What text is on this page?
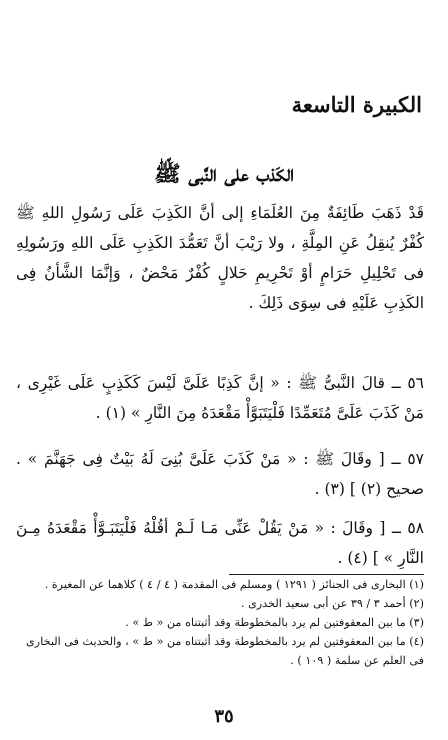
الكبيرة التاسعة
الكَذب على النَّبى ﷺ

قَدْ ذَهَبَ طَائِفَةٌ مِنَ العُلَمَاءِ إلى أنَّ الكَذِبَ عَلَى رَسُولِ اللهِ ﷺ كُفْرٌ يُنقِلُ عَنِ المِلَّةِ ، ولا رَيْبَ أنَّ تَعَمُّدَ الكَذِبِ عَلَى اللهِ ورَسُولِهِ فى تَحْلِيلِ حَرَامٍ أوْ تَحْرِيمِ حَلالٍ كُفْرٌ مَحْضٌ ، وَإنَّمَا الشَّأنُ فِى الكَذِبِ عَلَيْهِ فى سِوَى ذَلِكَ .

٥٦ ــ قالَ النَّبىُّ ﷺ : « إنَّ كَذِبًا عَلَىَّ لَيْسَ كَكَذِبٍ عَلَى غَيْرِى ، مَنْ كَذَبَ عَلَىَّ مُتَعَمِّدًا فَلْيَتَبَوَّأْ مَقْعَدَهُ مِنَ النَّارِ » (١) .

٥٧ ــ [ وقَالَ ﷺ : « مَنْ كَذَبَ عَلَىَّ بُنِىَ لَهُ بَيْتٌ فِى جَهَنَّمَ » . صحيح (٢) ] (٣) .

٥٨ ــ [ وقَالَ : « مَنْ يَقُلْ عَنِّى مَـا لَـمْ أقُلْهُ فَلْيَتَبَـوَّأْ مَقْعَدَهُ مِـنَ النَّارِ » ] (٤) .

(١) البخارى فى الجنائز ( ١٢٩١ ) ومسلم فى المقدمة ( ٤ / ٤ ) كلاهما عن المغيرة .
(٢) أحمد ٣ / ٣٩ عن أبى سعيد الخدرى .
(٣) ما بين المعقوفتين لم يرد بالمخطوطة وقد أثبتناه من « ط » .
(٤) ما بين المعقوفتين لم يرد بالمخطوطة وقد أثبتناه من « ط » ، والحديث فى البخارى فى العلم عن سلمة ( ١٠٩ ) .
٣٥
